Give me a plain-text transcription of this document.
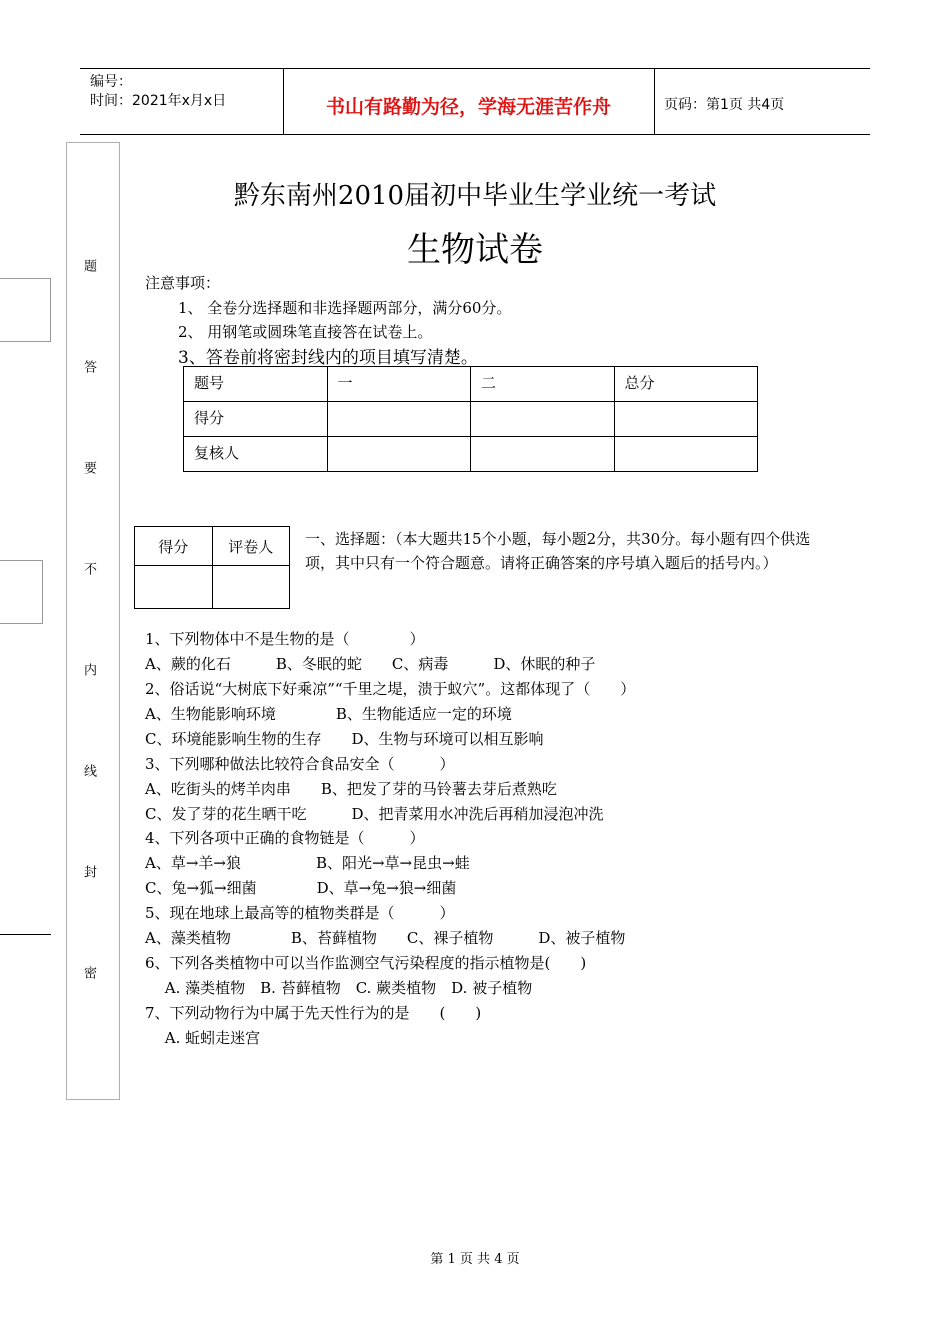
编号：
时间：2021年x月x日	书山有路勤为径，学海无涯苦作舟	页码：第1页 共4页
题
答
要
不
内
线
封
密
黔东南州2010届初中毕业生学业统一考试
生物试卷
注意事项：
1、 全卷分选择题和非选择题两部分，满分60分。
2、 用钢笔或圆珠笔直接答在试卷上。
3、答卷前将密封线内的项目填写清楚。
题号	一	二	总分
得分			
复核人			
得分	评卷人
	一、选择题：（本大题共15个小题，每小题2分，共30分。每小题有四个供选项，其中只有一个符合题意。请将正确答案的序号填入题后的括号内。）
1、下列物体中不是生物的是（　　　　）
A、蕨的化石　　　B、冬眠的蛇　　C、病毒　　　D、休眠的种子
2、俗话说“大树底下好乘凉”“千里之堤，溃于蚁穴”。这都体现了（　　）
A、生物能影响环境　　　　B、生物能适应一定的环境
C、环境能影响生物的生存　　D、生物与环境可以相互影响
3、下列哪种做法比较符合食品安全（　　　）
A、吃街头的烤羊肉串　　B、把发了芽的马铃薯去芽后煮熟吃
C、发了芽的花生晒干吃　　　D、把青菜用水冲洗后再稍加浸泡冲洗
4、下列各项中正确的食物链是（　　　）
A、草→羊→狼　　　　　B、阳光→草→昆虫→蛙
C、兔→狐→细菌　　　　D、草→兔→狼→细菌
5、现在地球上最高等的植物类群是（　　　）
A、藻类植物　　　　B、苔藓植物　　C、裸子植物　　　D、被子植物
6、下列各类植物中可以当作监测空气污染程度的指示植物是(　　)
　 A. 藻类植物　B. 苔藓植物　C. 蕨类植物　D. 被子植物
7、下列动物行为中属于先天性行为的是　　(　　)
　 A. 蚯蚓走迷宫
第 1 页 共 4 页
